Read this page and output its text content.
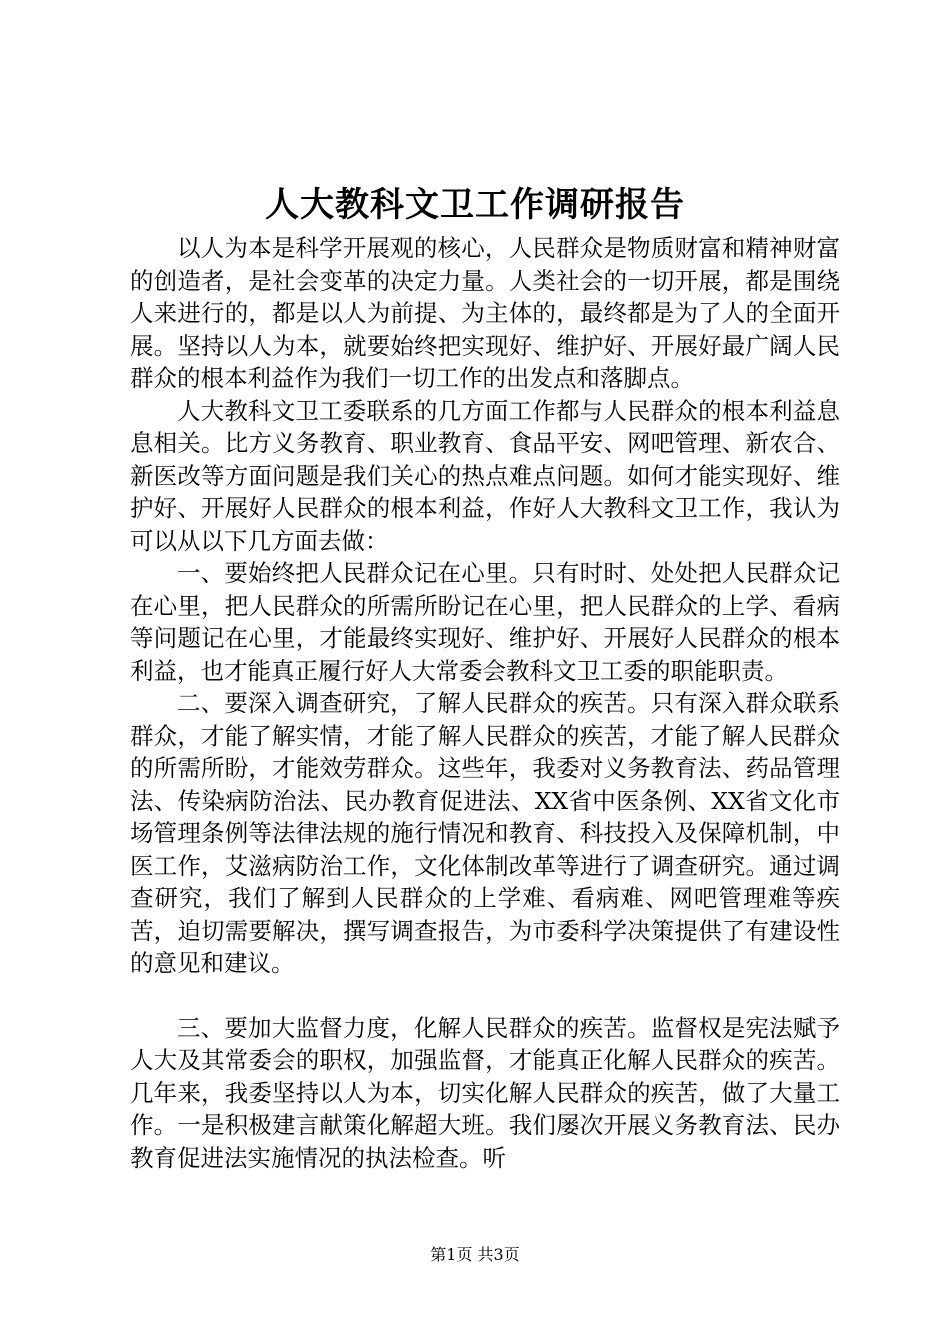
人大教科文卫工作调研报告

以人为本是科学开展观的核心，人民群众是物质财富和精神财富的创造者，是社会变革的决定力量。人类社会的一切开展，都是围绕人来进行的，都是以人为前提、为主体的，最终都是为了人的全面开展。坚持以人为本，就要始终把实现好、维护好、开展好最广阔人民群众的根本利益作为我们一切工作的出发点和落脚点。

人大教科文卫工委联系的几方面工作都与人民群众的根本利益息息相关。比方义务教育、职业教育、食品平安、网吧管理、新农合、新医改等方面问题是我们关心的热点难点问题。如何才能实现好、维护好、开展好人民群众的根本利益，作好人大教科文卫工作，我认为可以从以下几方面去做：

一、要始终把人民群众记在心里。只有时时、处处把人民群众记在心里，把人民群众的所需所盼记在心里，把人民群众的上学、看病等问题记在心里，才能最终实现好、维护好、开展好人民群众的根本利益，也才能真正履行好人大常委会教科文卫工委的职能职责。

二、要深入调查研究，了解人民群众的疾苦。只有深入群众联系群众，才能了解实情，才能了解人民群众的疾苦，才能了解人民群众的所需所盼，才能效劳群众。这些年，我委对义务教育法、药品管理法、传染病防治法、民办教育促进法、XX省中医条例、XX省文化市场管理条例等法律法规的施行情况和教育、科技投入及保障机制，中医工作，艾滋病防治工作，文化体制改革等进行了调查研究。通过调查研究，我们了解到人民群众的上学难、看病难、网吧管理难等疾苦，迫切需要解决，撰写调查报告，为市委科学决策提供了有建设性的意见和建议。

三、要加大监督力度，化解人民群众的疾苦。监督权是宪法赋予人大及其常委会的职权，加强监督，才能真正化解人民群众的疾苦。几年来，我委坚持以人为本，切实化解人民群众的疾苦，做了大量工作。一是积极建言献策化解超大班。我们屡次开展义务教育法、民办教育促进法实施情况的执法检查。听

第1页 共3页
